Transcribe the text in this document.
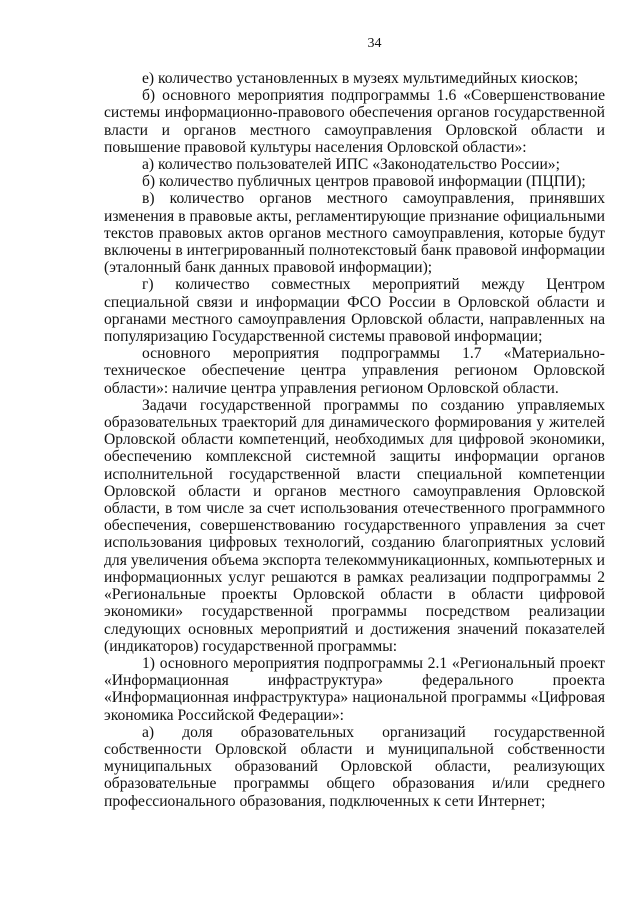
34

е) количество установленных в музеях мультимедийных киосков;

б) основного мероприятия подпрограммы 1.6 «Совершенствование системы информационно-правового обеспечения органов государственной власти и органов местного самоуправления Орловской области и повышение правовой культуры населения Орловской области»:

а) количество пользователей ИПС «Законодательство России»;

б) количество публичных центров правовой информации (ПЦПИ);

в) количество органов местного самоуправления, принявших изменения в правовые акты, регламентирующие признание официальными текстов правовых актов органов местного самоуправления, которые будут включены в интегрированный полнотекстовый банк правовой информации (эталонный банк данных правовой информации);

г) количество совместных мероприятий между Центром специальной связи и информации ФСО России в Орловской области и органами местного самоуправления Орловской области, направленных на популяризацию Государственной системы правовой информации;

основного мероприятия подпрограммы 1.7 «Материально-техническое обеспечение центра управления регионом Орловской области»: наличие центра управления регионом Орловской области.

Задачи государственной программы по созданию управляемых образовательных траекторий для динамического формирования у жителей Орловской области компетенций, необходимых для цифровой экономики, обеспечению комплексной системной защиты информации органов исполнительной государственной власти специальной компетенции Орловской области и органов местного самоуправления Орловской области, в том числе за счет использования отечественного программного обеспечения, совершенствованию государственного управления за счет использования цифровых технологий, созданию благоприятных условий для увеличения объема экспорта телекоммуникационных, компьютерных и информационных услуг решаются в рамках реализации подпрограммы 2 «Региональные проекты Орловской области в области цифровой экономики» государственной программы посредством реализации следующих основных мероприятий и достижения значений показателей (индикаторов) государственной программы:

1) основного мероприятия подпрограммы 2.1 «Региональный проект «Информационная инфраструктура» федерального проекта «Информационная инфраструктура» национальной программы «Цифровая экономика Российской Федерации»:

а) доля образовательных организаций государственной собственности Орловской области и муниципальной собственности муниципальных образований Орловской области, реализующих образовательные программы общего образования и/или среднего профессионального образования, подключенных к сети Интернет;
